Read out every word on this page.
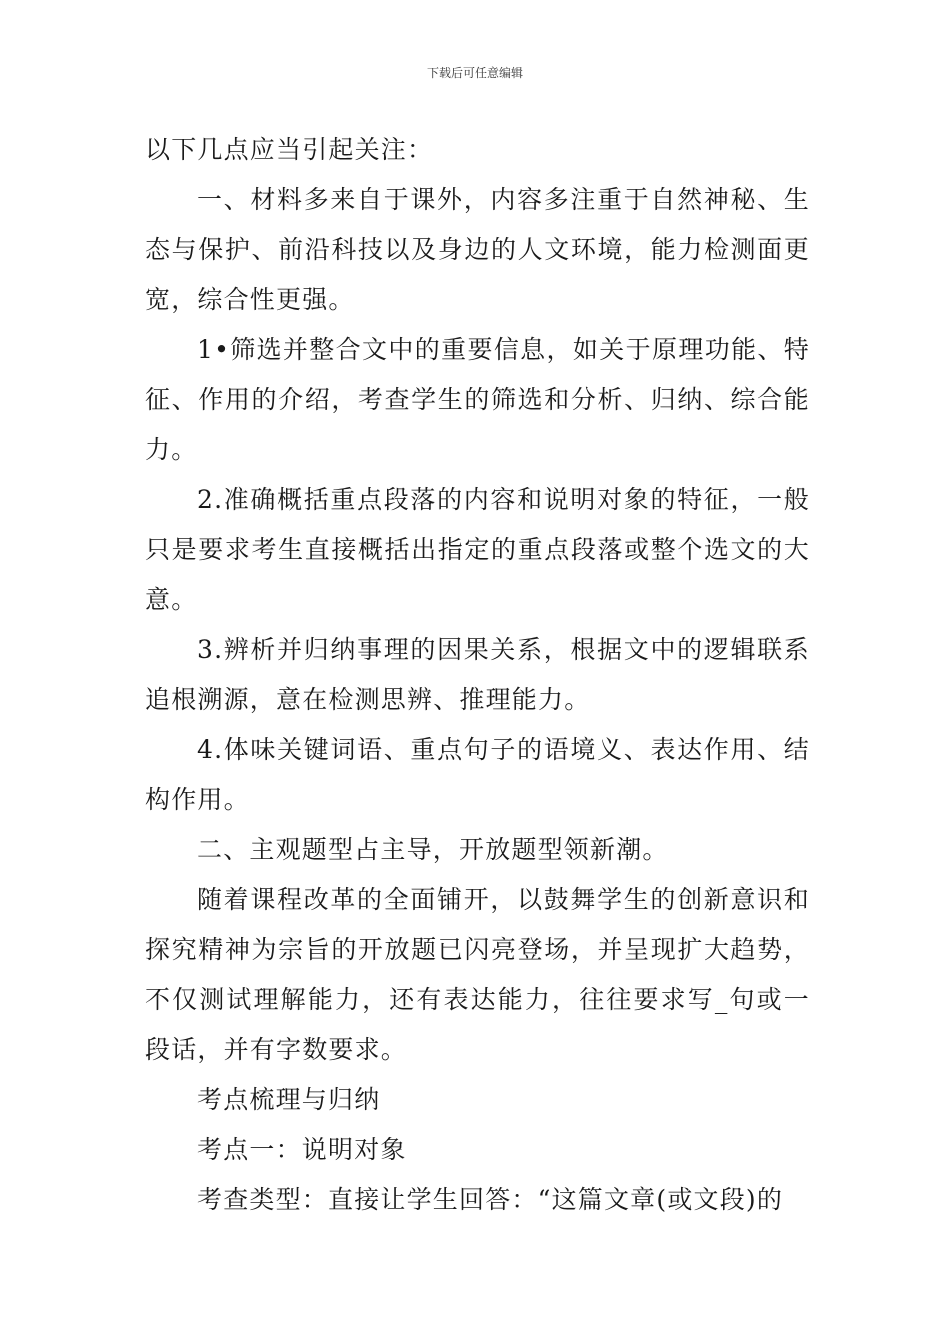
下载后可任意编辑

以下几点应当引起关注：

一、材料多来自于课外，内容多注重于自然神秘、生态与保护、前沿科技以及身边的人文环境，能力检测面更宽，综合性更强。

1•筛选并整合文中的重要信息，如关于原理功能、特征、作用的介绍，考查学生的筛选和分析、归纳、综合能力。

2.准确概括重点段落的内容和说明对象的特征，一般只是要求考生直接概括出指定的重点段落或整个选文的大意。

3.辨析并归纳事理的因果关系，根据文中的逻辑联系追根溯源，意在检测思辨、推理能力。

4.体味关键词语、重点句子的语境义、表达作用、结构作用。

二、主观题型占主导，开放题型领新潮。

随着课程改革的全面铺开，以鼓舞学生的创新意识和探究精神为宗旨的开放题已闪亮登场，并呈现扩大趋势，不仅测试理解能力，还有表达能力，往往要求写_句或一段话，并有字数要求。

考点梳理与归纳

考点一：说明对象

考查类型：直接让学生回答：“这篇文章(或文段)的
